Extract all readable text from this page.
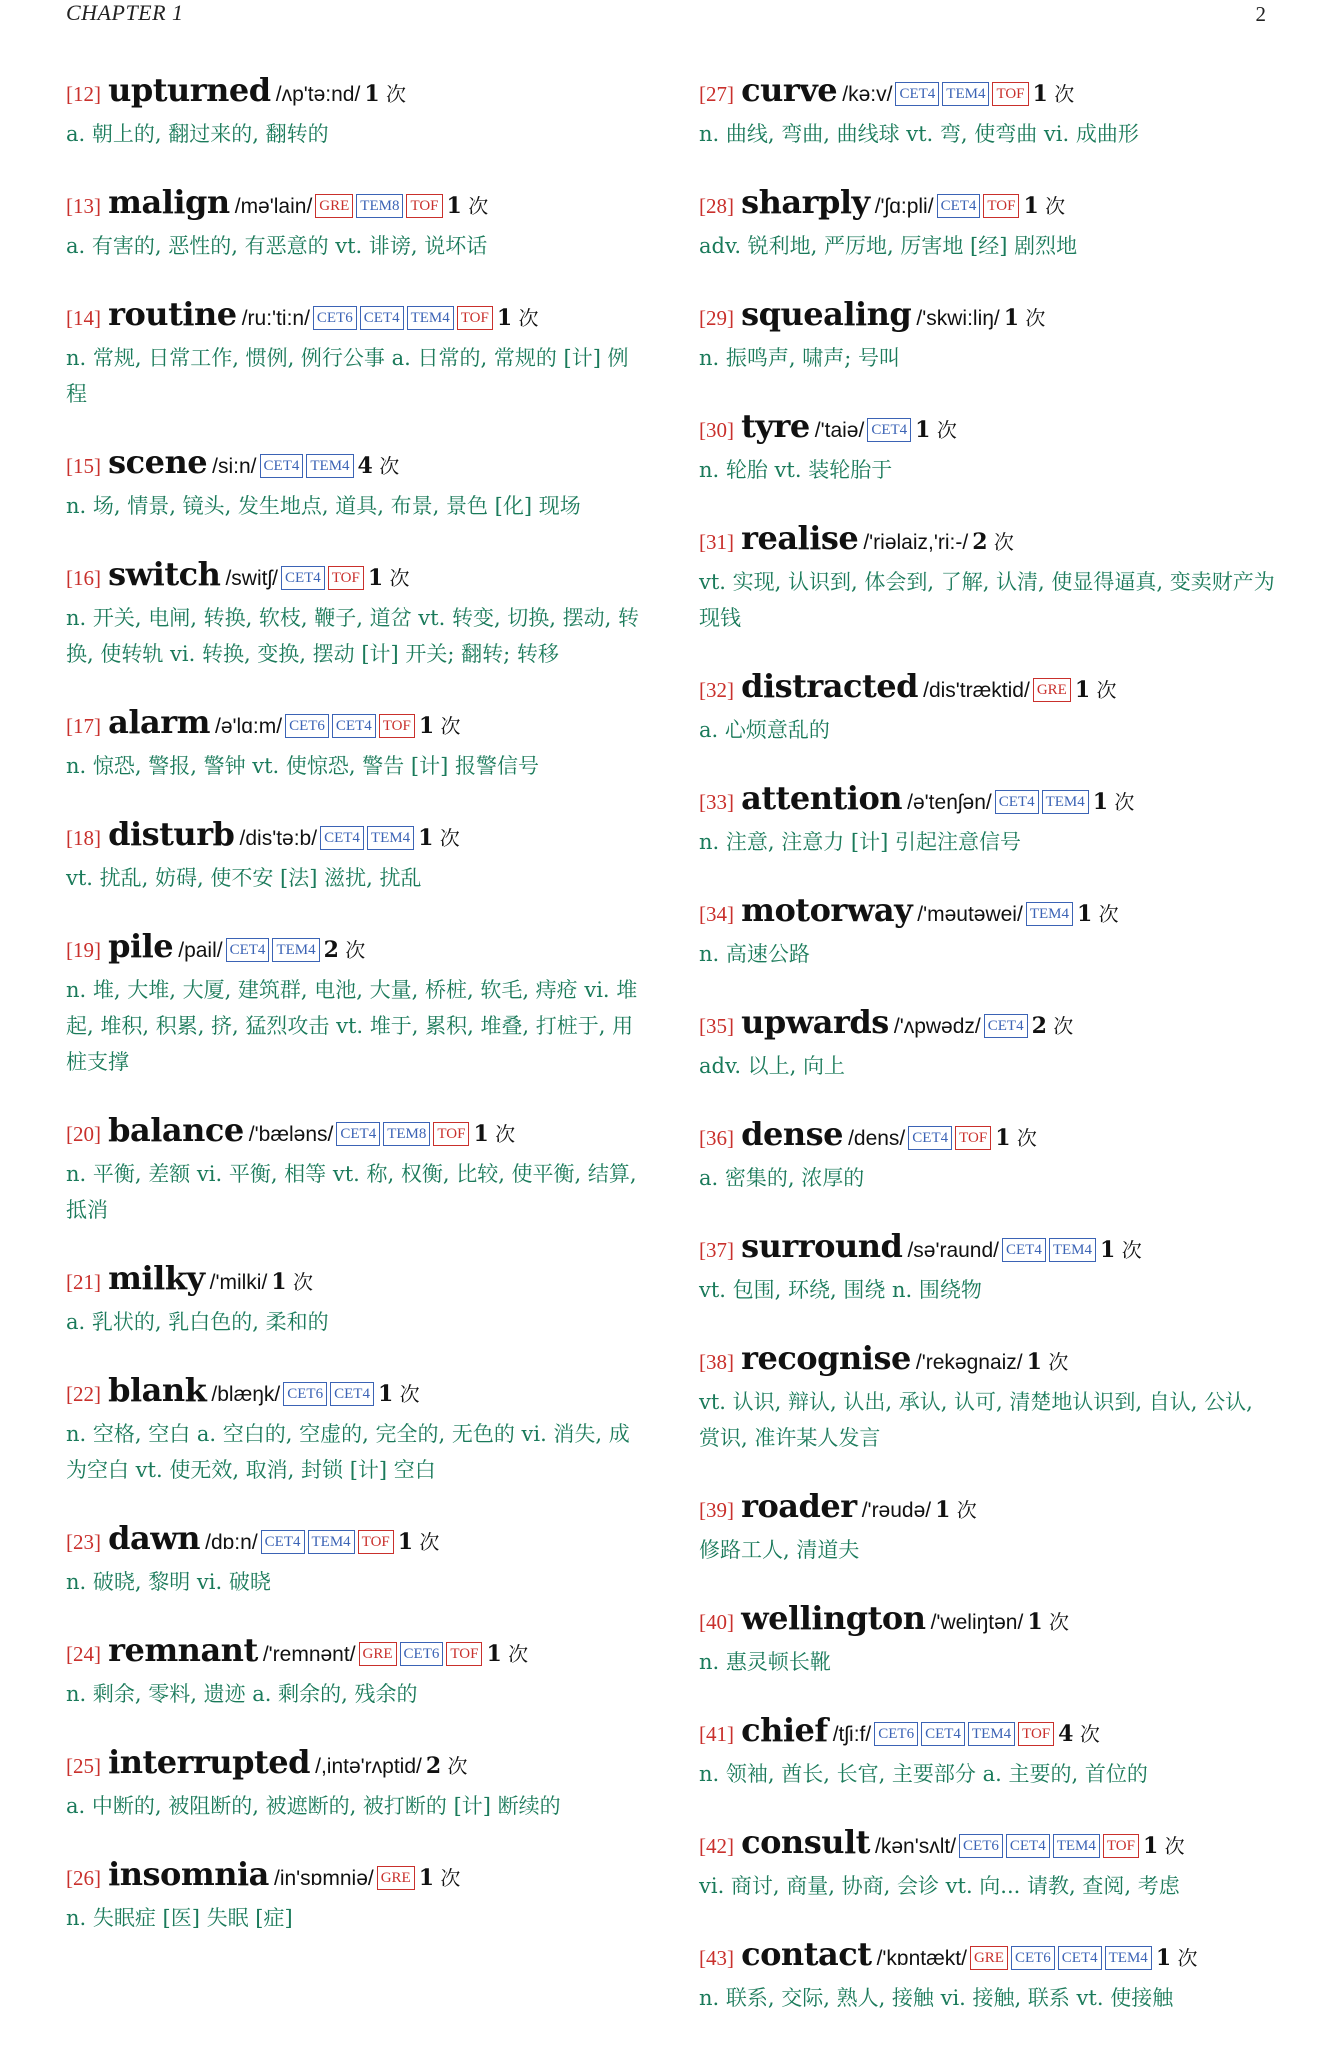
CHAPTER 1	2
[12] upturned /ʌp'tə:nd/ 1 次
a. 朝上的, 翻过来的, 翻转的
[13] malign /mə'lain/ GRE TEM8 TOF 1 次
a. 有害的, 恶性的, 有恶意的 vt. 诽谤, 说坏话
[14] routine /ru:'ti:n/ CET6 CET4 TEM4 TOF 1 次
n. 常规, 日常工作, 惯例, 例行公事 a. 日常的, 常规的 [计] 例程
[15] scene /si:n/ CET4 TEM4 4 次
n. 场, 情景, 镜头, 发生地点, 道具, 布景, 景色 [化] 现场
[16] switch /switʃ/ CET4 TOF 1 次
n. 开关, 电闸, 转换, 软枝, 鞭子, 道岔 vt. 转变, 切换, 摆动, 转换, 使转轨 vi. 转换, 变换, 摆动 [计] 开关; 翻转; 转移
[17] alarm /ə'lɑ:m/ CET6 CET4 TOF 1 次
n. 惊恐, 警报, 警钟 vt. 使惊恐, 警告 [计] 报警信号
[18] disturb /dis'tə:b/ CET4 TEM4 1 次
vt. 扰乱, 妨碍, 使不安 [法] 滋扰, 扰乱
[19] pile /pail/ CET4 TEM4 2 次
n. 堆, 大堆, 大厦, 建筑群, 电池, 大量, 桥桩, 软毛, 痔疮 vi. 堆起, 堆积, 积累, 挤, 猛烈攻击 vt. 堆于, 累积, 堆叠, 打桩于, 用桩支撑
[20] balance /'bæləns/ CET4 TEM8 TOF 1 次
n. 平衡, 差额 vi. 平衡, 相等 vt. 称, 权衡, 比较, 使平衡, 结算, 抵消
[21] milky /'milki/ 1 次
a. 乳状的, 乳白色的, 柔和的
[22] blank /blæŋk/ CET6 CET4 1 次
n. 空格, 空白 a. 空白的, 空虚的, 完全的, 无色的 vi. 消失, 成为空白 vt. 使无效, 取消, 封锁 [计] 空白
[23] dawn /dɒ:n/ CET4 TEM4 TOF 1 次
n. 破晓, 黎明 vi. 破晓
[24] remnant /'remnənt/ GRE CET6 TOF 1 次
n. 剩余, 零料, 遗迹 a. 剩余的, 残余的
[25] interrupted /,intə'rʌptid/ 2 次
a. 中断的, 被阻断的, 被遮断的, 被打断的 [计] 断续的
[26] insomnia /in'sɒmniə/ GRE 1 次
n. 失眠症 [医] 失眠 [症]
[27] curve /kə:v/ CET4 TEM4 TOF 1 次
n. 曲线, 弯曲, 曲线球 vt. 弯, 使弯曲 vi. 成曲形
[28] sharply /'ʃɑ:pli/ CET4 TOF 1 次
adv. 锐利地, 严厉地, 厉害地 [经] 剧烈地
[29] squealing /'skwi:liŋ/ 1 次
n. 振鸣声, 啸声; 号叫
[30] tyre /'taiə/ CET4 1 次
n. 轮胎 vt. 装轮胎于
[31] realise /'riəlaiz,'ri:-/ 2 次
vt. 实现, 认识到, 体会到, 了解, 认清, 使显得逼真, 变卖财产为现钱
[32] distracted /dis'træktid/ GRE 1 次
a. 心烦意乱的
[33] attention /ə'tenʃən/ CET4 TEM4 1 次
n. 注意, 注意力 [计] 引起注意信号
[34] motorway /'məutəwei/ TEM4 1 次
n. 高速公路
[35] upwards /'ʌpwədz/ CET4 2 次
adv. 以上, 向上
[36] dense /dens/ CET4 TOF 1 次
a. 密集的, 浓厚的
[37] surround /sə'raund/ CET4 TEM4 1 次
vt. 包围, 环绕, 围绕 n. 围绕物
[38] recognise /'rekəgnaiz/ 1 次
vt. 认识, 辩认, 认出, 承认, 认可, 清楚地认识到, 自认, 公认, 赏识, 准许某人发言
[39] roader /'rəudə/ 1 次
修路工人, 清道夫
[40] wellington /'weliŋtən/ 1 次
n. 惠灵顿长靴
[41] chief /tʃi:f/ CET6 CET4 TEM4 TOF 4 次
n. 领袖, 酋长, 长官, 主要部分 a. 主要的, 首位的
[42] consult /kən'sʌlt/ CET6 CET4 TEM4 TOF 1 次
vi. 商讨, 商量, 协商, 会诊 vt. 向... 请教, 查阅, 考虑
[43] contact /'kɒntækt/ GRE CET6 CET4 TEM4 1 次
n. 联系, 交际, 熟人, 接触 vi. 接触, 联系 vt. 使接触
